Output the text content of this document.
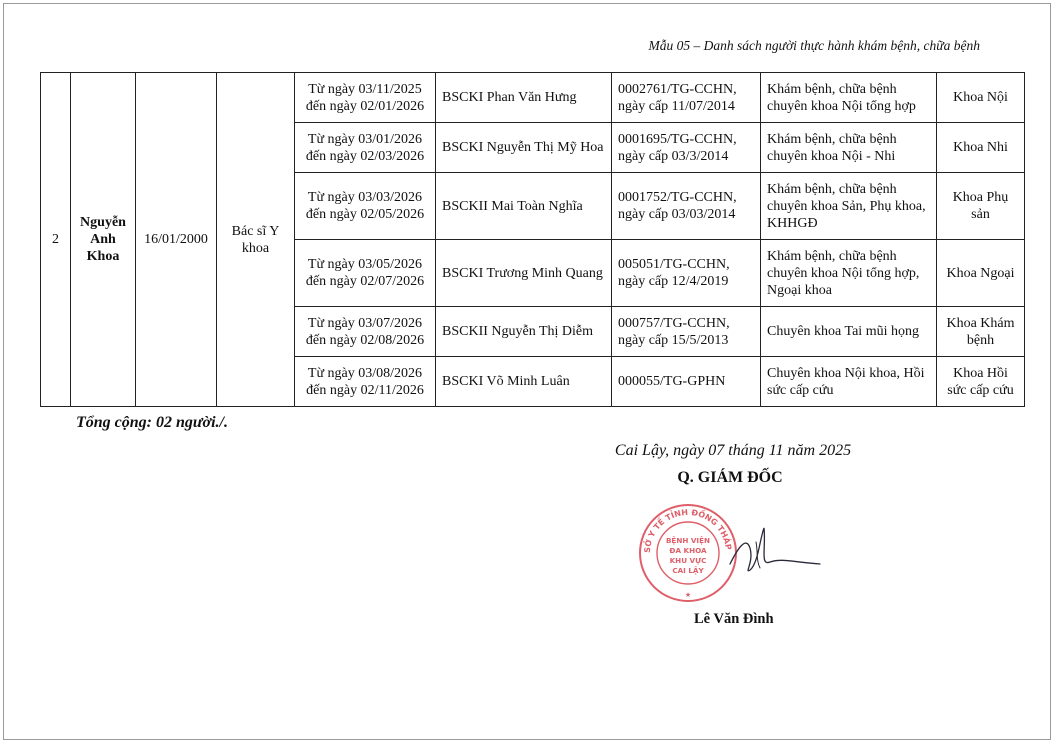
Mẫu 05 – Danh sách người thực hành khám bệnh, chữa bệnh
2	Nguyễn Anh Khoa	16/01/2000	Bác sĩ Y khoa	Từ ngày 03/11/2025 đến ngày 02/01/2026	BSCKI Phan Văn Hưng	0002761/TG-CCHN, ngày cấp 11/07/2014	Khám bệnh, chữa bệnh chuyên khoa Nội tổng hợp	Khoa Nội
				Từ ngày 03/01/2026 đến ngày 02/03/2026	BSCKI Nguyễn Thị Mỹ Hoa	0001695/TG-CCHN, ngày cấp 03/3/2014	Khám bệnh, chữa bệnh chuyên khoa Nội - Nhi	Khoa Nhi
				Từ ngày 03/03/2026 đến ngày 02/05/2026	BSCKII Mai Toàn Nghĩa	0001752/TG-CCHN, ngày cấp 03/03/2014	Khám bệnh, chữa bệnh chuyên khoa Sản, Phụ khoa, KHHGĐ	Khoa Phụ sản
				Từ ngày 03/05/2026 đến ngày 02/07/2026	BSCKI Trương Minh Quang	005051/TG-CCHN, ngày cấp 12/4/2019	Khám bệnh, chữa bệnh chuyên khoa Nội tổng hợp, Ngoại khoa	Khoa Ngoại
				Từ ngày 03/07/2026 đến ngày 02/08/2026	BSCKII Nguyễn Thị Diễm	000757/TG-CCHN, ngày cấp 15/5/2013	Chuyên khoa Tai mũi họng	Khoa Khám bệnh
				Từ ngày 03/08/2026 đến ngày 02/11/2026	BSCKI Võ Minh Luân	000055/TG-GPHN	Chuyên khoa Nội khoa, Hồi sức cấp cứu	Khoa Hồi sức cấp cứu
Tổng cộng: 02 người./.
Cai Lậy, ngày 07 tháng 11 năm 2025
Q. GIÁM ĐỐC
SỞ Y TẾ TỈNH ĐỒNG THÁP
BỆNH VIỆN
ĐA KHOA
KHU VỰC
CAI LẬY
★
Lê Văn Đình
